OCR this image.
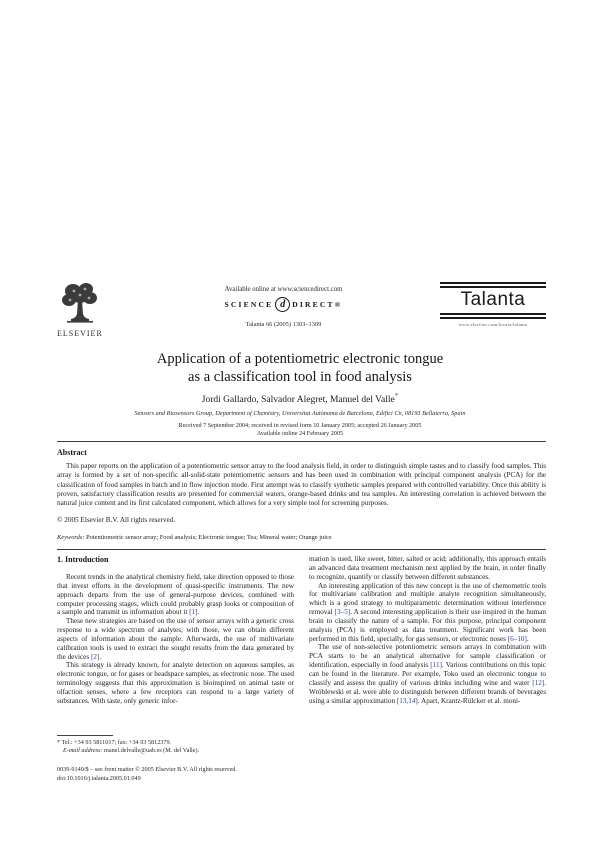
ELSEVIER
Available online at www.sciencedirect.com
SCIENCE d DIRECT®
Talanta 66 (2005) 1303–1309
Talanta
www.elsevier.com/locate/talanta
Application of a potentiometric electronic tongue
as a classification tool in food analysis
Jordi Gallardo, Salvador Alegret, Manuel del Valle*
Sensors and Biosensors Group, Department of Chemistry, Universitat Autònoma de Barcelona, Edifici Cn, 08193 Bellaterra, Spain
Received 7 September 2004; received in revised form 10 January 2005; accepted 26 January 2005
Available online 24 February 2005
Abstract

This paper reports on the application of a potentiometric sensor array to the food analysis field, in order to distinguish simple tastes and to classify food samples. This array is formed by a set of non-specific all-solid-state potentiometric sensors and has been used in combination with principal component analysis (PCA) for the classification of food samples in batch and in flow injection mode. First attempt was to classify synthetic samples prepared with controlled variability. Once this ability is proven, satisfactory classification results are presented for commercial waters, orange-based drinks and tea samples. An interesting correlation is achieved between the natural juice content and its first calculated component, which allows for a very simple tool for screening purposes.

© 2005 Elsevier B.V. All rights reserved.
Keywords: Potentiometric sensor array; Food analysis; Electronic tongue; Tea; Mineral water; Orange juice
1. Introduction

Recent trends in the analytical chemistry field, take direction opposed to those that invest efforts in the development of quasi-specific instruments. The new approach departs from the use of general-purpose devices, combined with computer processing stages, which could probably grasp looks or composition of a sample and transmit us information about it [1].

These new strategies are based on the use of sensor arrays with a generic cross response to a wide spectrum of analytes; with those, we can obtain different aspects of information about the sample. Afterwards, the use of multivariate calibration tools is used to extract the sought results from the data generated by the devices [2].

This strategy is already known, for analyte detection on aqueous samples, as electronic tongue, or for gases or headspace samples, as electronic nose. The used terminology suggests that this approximation is bioinspired on animal taste or olfaction senses, where a few receptors can respond to a large variety of substances. With taste, only generic infor-

mation is used, like sweet, bitter, salted or acid; additionally, this approach entails an advanced data treatment mechanism next applied by the brain, in order finally to recognize, quantify or classify between different substances.

An interesting application of this new concept is the use of chemometric tools for multivariate calibration and multiple analyte recognition simultaneously, which is a good strategy to multiparametric determination without interference removal [3–5]. A second interesting application is their use inspired in the human brain to classify the nature of a sample. For this purpose, principal component analysis (PCA) is employed as data treatment. Significant work has been performed in this field, specially, for gas sensors, or electronic noses [6–10].

The use of non-selective potentiometric sensors arrays in combination with PCA starts to be an analytical alternative for sample classification or identification, especially in food analysis [11]. Various contributions on this topic can be found in the literature. Per example, Toko used an electronic tongue to classify and assess the quality of various drinks including wine and water [12]. Wróblewski et al. were able to distinguish between different brands of beverages using a similar approximation [13,14]. Apart, Krantz-Rülcker et al. moni-

* Tel.: +34 93 5811017; fax: +34 93 5812379.
E-mail address: manel.delvalle@uab.es (M. del Valle).
0039-9140/$ – see front matter © 2005 Elsevier B.V. All rights reserved.
doi:10.1016/j.talanta.2005.01.049
